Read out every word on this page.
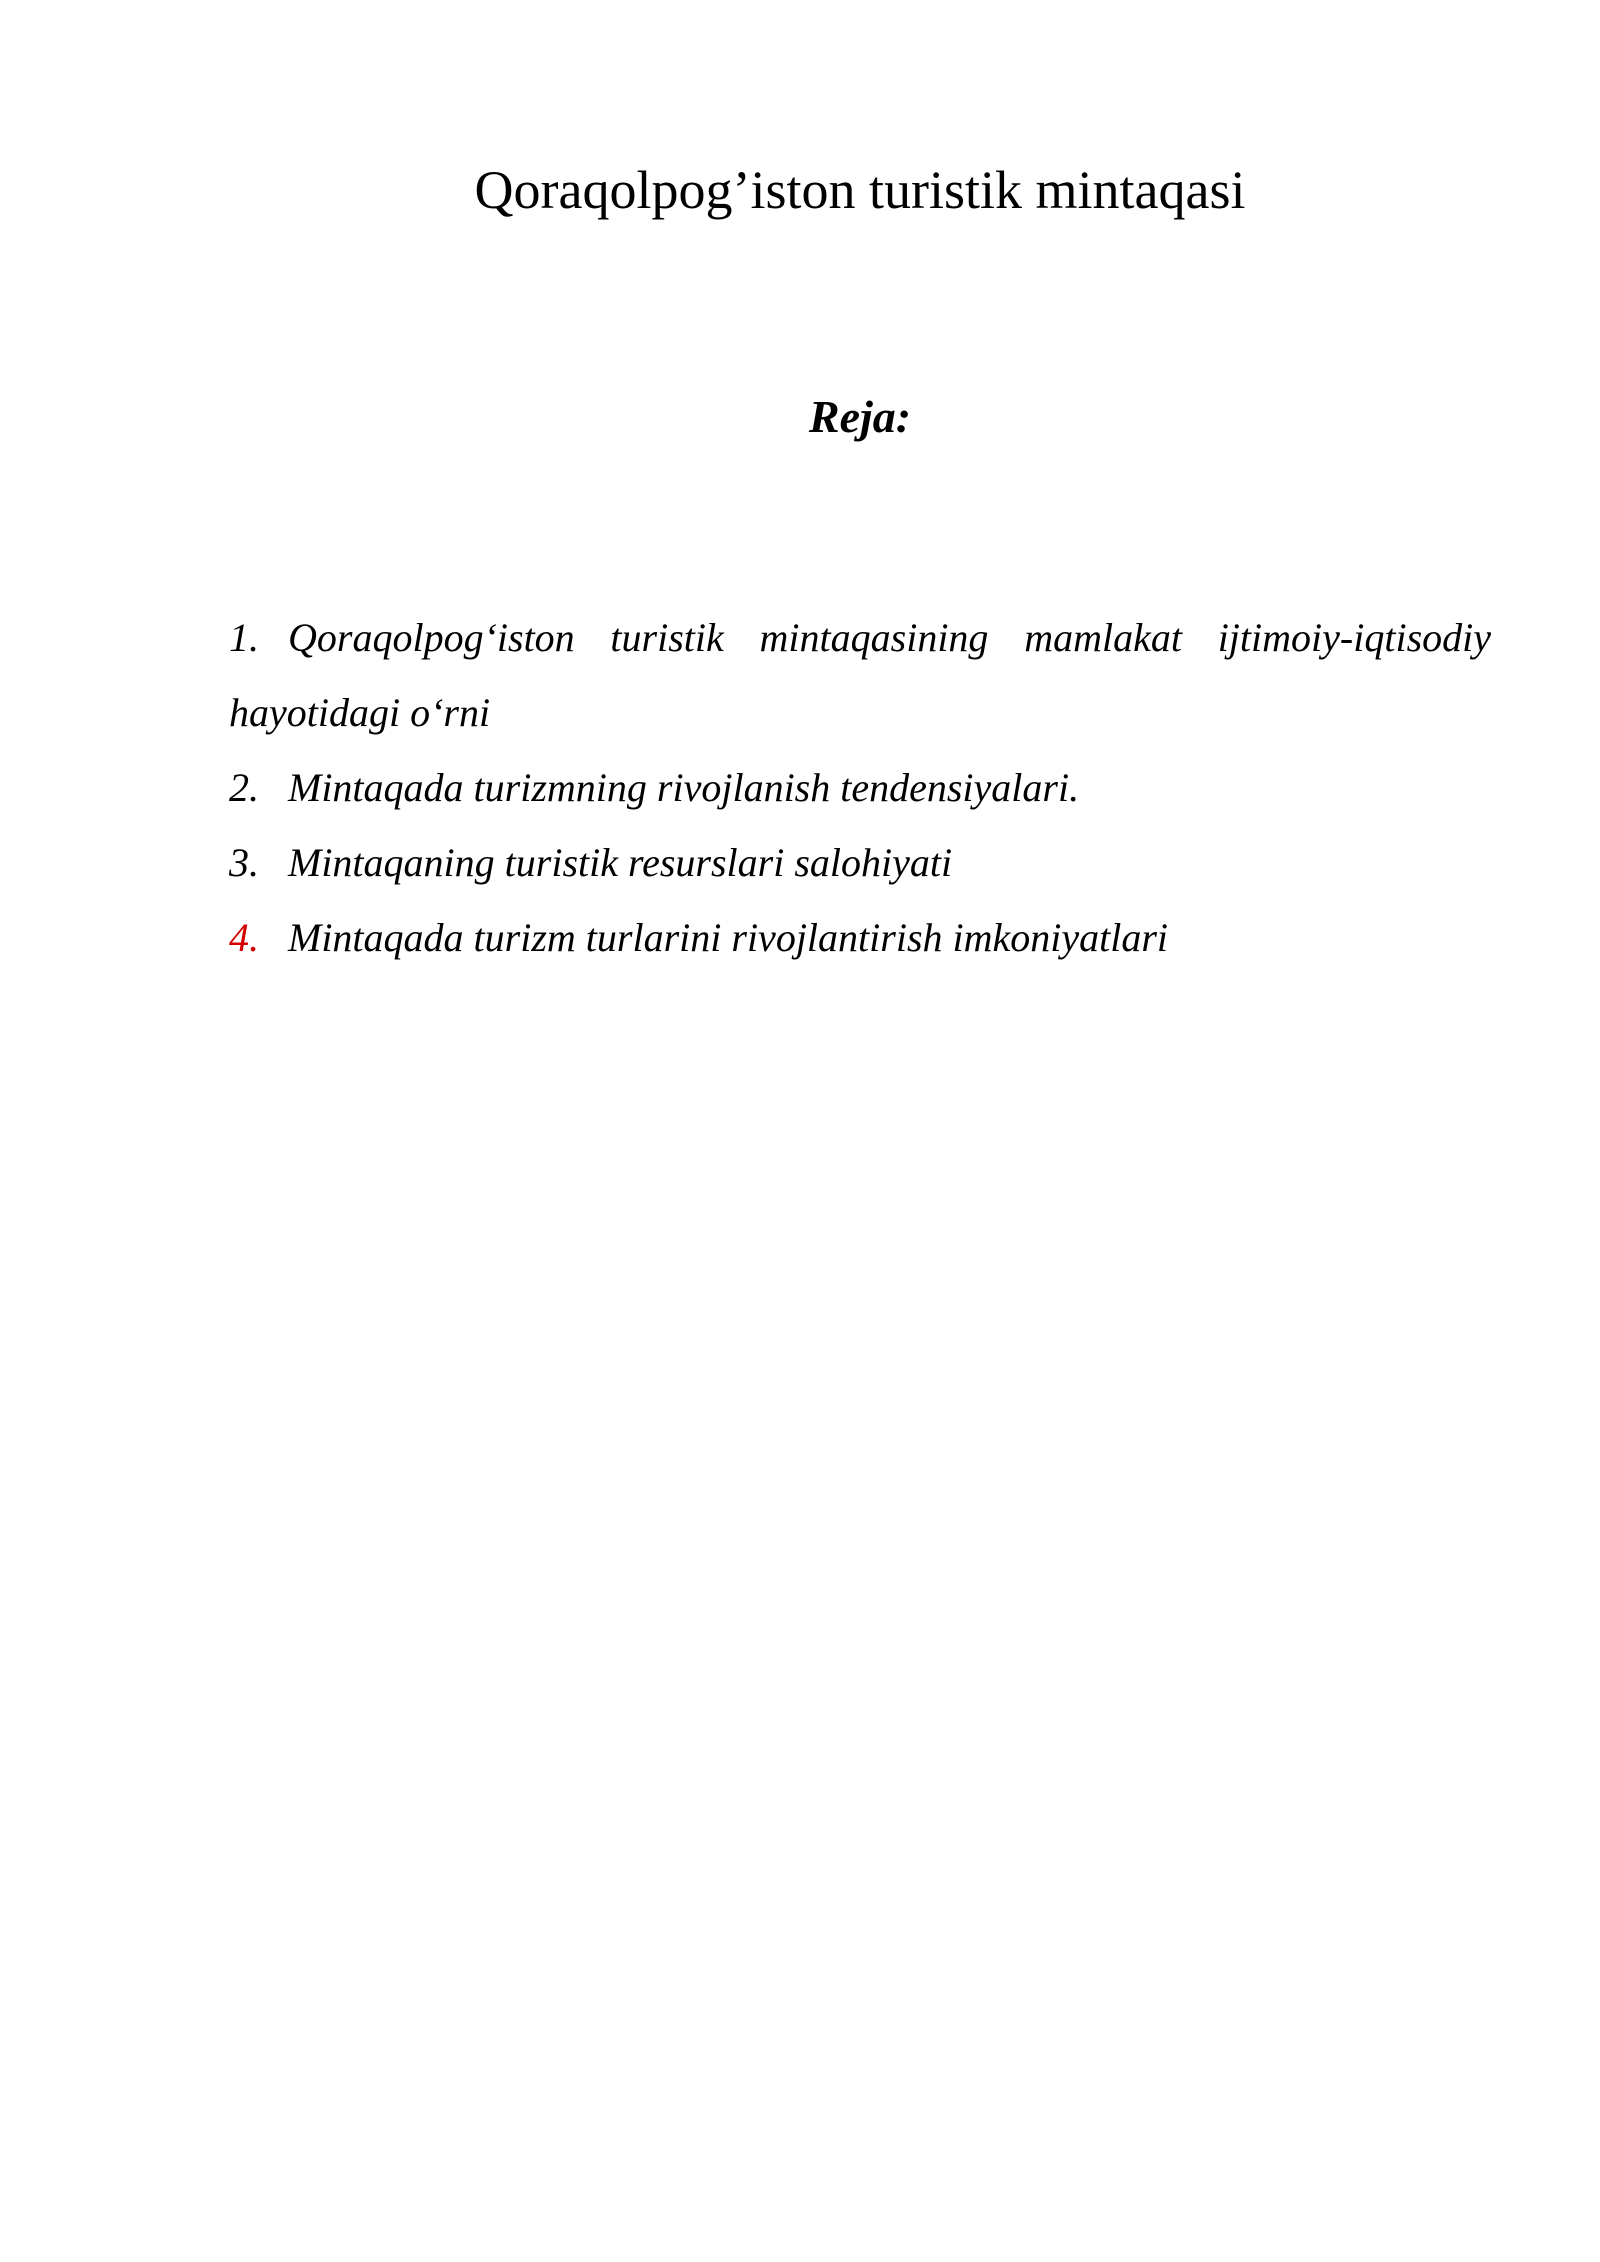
Qoraqolpog’iston turistik mintaqasi
Reja:
1. Qoraqolpog‘iston turistik mintaqasining mamlakat ijtimoiy-iqtisodiy hayotidagi o‘rni
2. Mintaqada turizmning rivojlanish tendensiyalari.
3. Mintaqaning turistik resurslari salohiyati
4. Mintaqada turizm turlarini rivojlantirish imkoniyatlari
